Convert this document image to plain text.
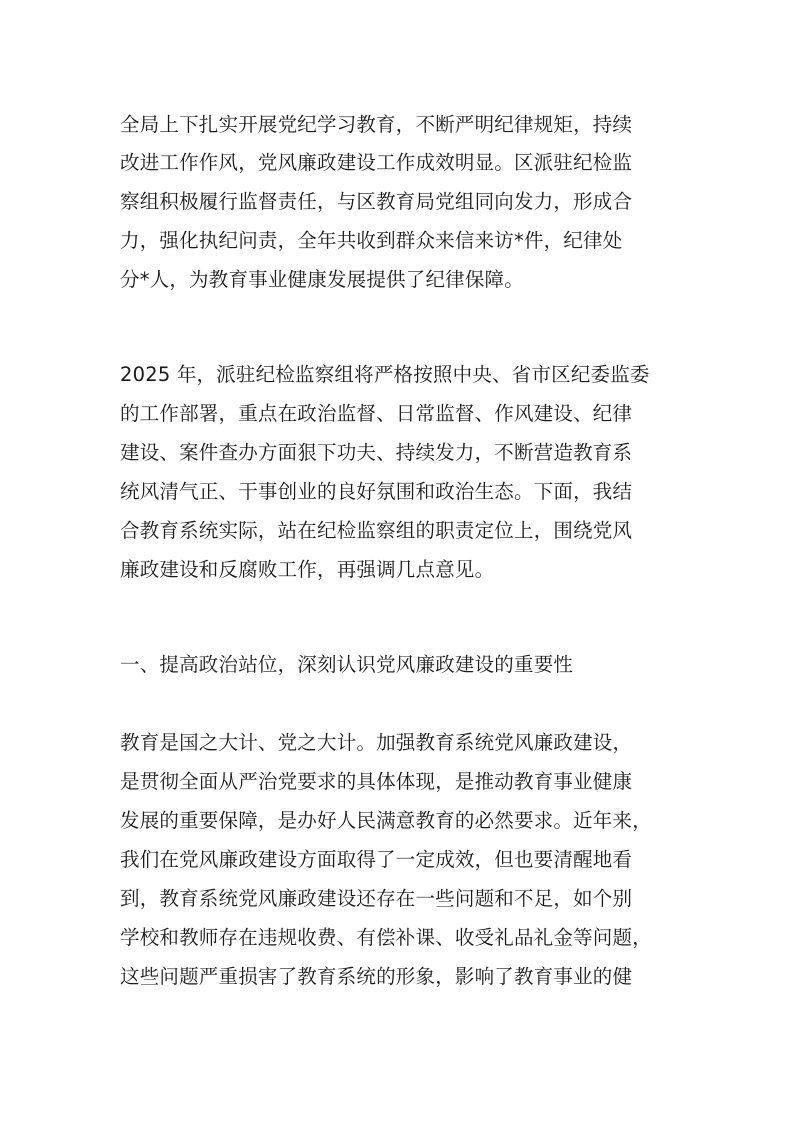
全局上下扎实开展党纪学习教育，不断严明纪律规矩，持续
改进工作作风，党风廉政建设工作成效明显。区派驻纪检监
察组积极履行监督责任，与区教育局党组同向发力，形成合
力，强化执纪问责，全年共收到群众来信来访*件，纪律处
分*人，为教育事业健康发展提供了纪律保障。
2025 年，派驻纪检监察组将严格按照中央、省市区纪委监委
的工作部署，重点在政治监督、日常监督、作风建设、纪律
建设、案件查办方面狠下功夫、持续发力，不断营造教育系
统风清气正、干事创业的良好氛围和政治生态。下面，我结
合教育系统实际，站在纪检监察组的职责定位上，围绕党风
廉政建设和反腐败工作，再强调几点意见。
一、提高政治站位，深刻认识党风廉政建设的重要性
教育是国之大计、党之大计。加强教育系统党风廉政建设，
是贯彻全面从严治党要求的具体体现，是推动教育事业健康
发展的重要保障，是办好人民满意教育的必然要求。近年来，
我们在党风廉政建设方面取得了一定成效，但也要清醒地看
到，教育系统党风廉政建设还存在一些问题和不足，如个别
学校和教师存在违规收费、有偿补课、收受礼品礼金等问题，
这些问题严重损害了教育系统的形象，影响了教育事业的健
